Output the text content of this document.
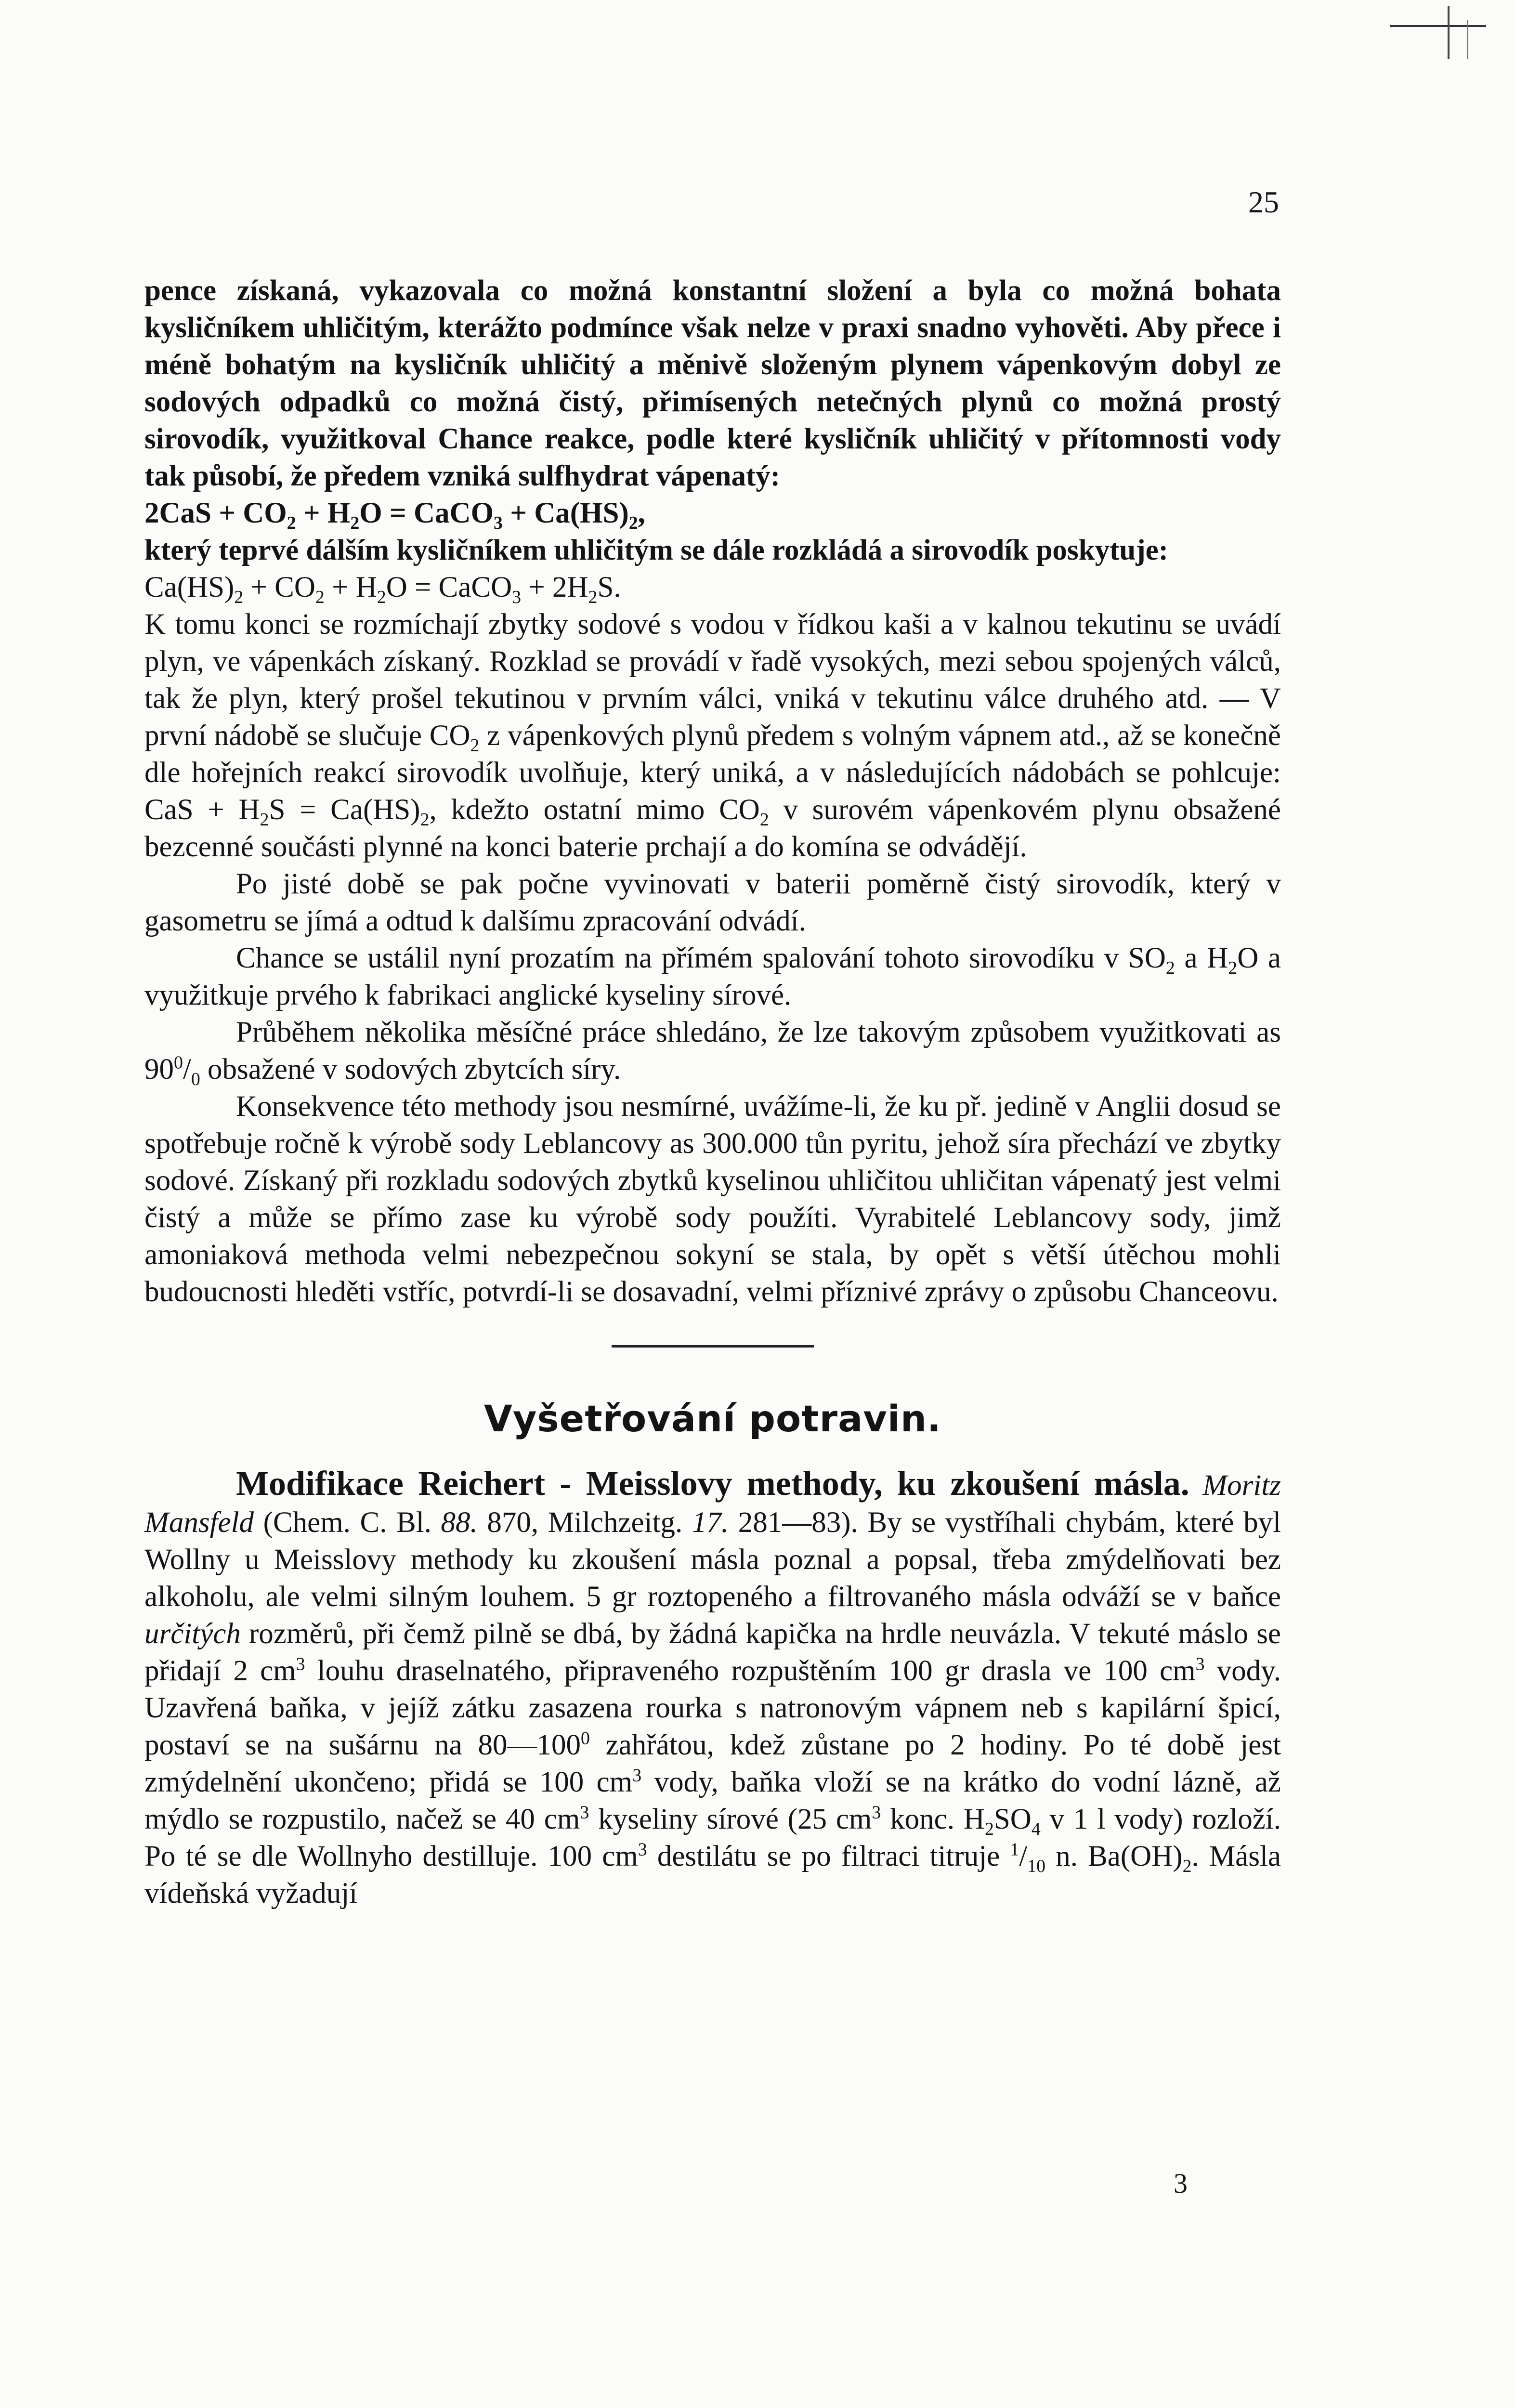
25

pence získaná, vykazovala co možná konstantní složení a byla co možná bohata kysličníkem uhličitým, kterážto podmínce však nelze v praxi snadno vyhověti. Aby přece i méně bohatým na kysličník uhličitý a měnivě složeným plynem vápenkovým dobyl ze sodových odpadků co možná čistý, přimísených netečných plynů co možná prostý sirovodík, využitkoval Chance reakce, podle které kysličník uhličitý v přítomnosti vody tak působí, že předem vzniká sulfhydrat vápenatý:

$2CaS + CO_2 + H_2O$ = CaCO$_3$ + $Ca(HS)_2$,

který teprvé dálším kysličníkem uhličitým se dále rozkládá a sirovodík poskytuje:

$Ca(HS)_2 + CO_2 + H_2O$ = CaCO$_3$ + $2H_2S$.

K tomu konci se rozmíchají zbytky sodové s vodou v řídkou kaši a v kalnou tekutinu se uvádí plyn, ve vápenkách získaný. Rozklad se provádí v řadě vysokých, mezi sebou spojených válců, tak že plyn, který prošel tekutinou v prvním válci, vniká v tekutinu válce druhého atd. — V první nádobě se slučuje $CO_2$ z vápenkových plynů předem s volným vápnem atd., až se konečně dle hořejních reakcí sirovodík uvolňuje, který uniká, a v následujících nádobách se pohlcuje: CaS + $H_2S = Ca(HS)_2$, kdežto ostatní mimo $CO_2$ v surovém vápenkovém plynu obsažené bezcenné součásti plynné na konci baterie prchají a do komína se odvádějí.

Po jisté době se pak počne vyvinovati v baterii poměrně čistý sirovodík, který v gasometru se jímá a odtud k dalšímu zpracování odvádí.

Chance se ustálil nyní prozatím na přímém spalování tohoto sirovodíku v $SO_2$ a $H_2O$ a využitkuje prvého k fabrikaci anglické kyseliny sírové.

Průběhem několika měsíčné práce shledáno, že lze takovým způsobem využitkovati as $90^0/_0$ obsažené v sodových zbytcích síry.

Konsekvence této methody jsou nesmírné, uvážíme-li, že ku př. jedině v Anglii dosud se spotřebuje ročně k výrobě sody Leblancovy as 300.000 tůn pyritu, jehož síra přechází ve zbytky sodové. Získaný při rozkladu sodových zbytků kyselinou uhličitou uhličitan vápenatý jest velmi čistý a může se přímo zase ku výrobě sody použíti. Vyrabitelé Leblancovy sody, jimž amoniaková methoda velmi nebezpečnou sokyní se stala, by opět s větší útěchou mohli budoucnosti hleděti vstříc, potvrdí-li se dosavadní, velmi příznivé zprávy o způsobu Chanceovu.

Vyšetřování potravin.

Modifikace Reichert - Meisslovy methody, ku zkoušení másla. Moritz Mansfeld (Chem. C. Bl. 88. 870, Milchzeitg. 17. 281—83). By se vystříhali chybám, které byl Wollny u Meisslovy methody ku zkoušení másla poznal a popsal, třeba zmýdelňovati bez alkoholu, ale velmi silným louhem. 5 gr roztopeného a filtrovaného másla odváží se v baňce určitých rozměrů, při čemž pilně se dbá, by žádná kapička na hrdle neuvázla. V tekuté máslo se přidají 2 $cm^3$ louhu draselnatého, připraveného rozpuštěním 100 gr drasla ve 100 $cm^3$ vody. Uzavřená baňka, v jejíž zátku zasazena rourka s natronovým vápnem neb s kapilární špicí, postaví se na sušárnu na $80—100^0$ zahřátou, kdež zůstane po 2 hodiny. Po té době jest zmýdelnění ukončeno; přidá se 100 $cm^3$ vody, baňka vloží se na krátko do vodní lázně, až mýdlo se rozpustilo, načež se 40 $cm^3$ kyseliny sírové (25 $cm^3$ konc. $H_2SO_4$ v 1 l vody) rozloží. Po té se dle Wollnyho destilluje. 100 $cm^3$ destilátu se po filtraci titruje $^1/_{10}$ n. $Ba(OH)_2$. Másla vídeňská vyžadují

3
